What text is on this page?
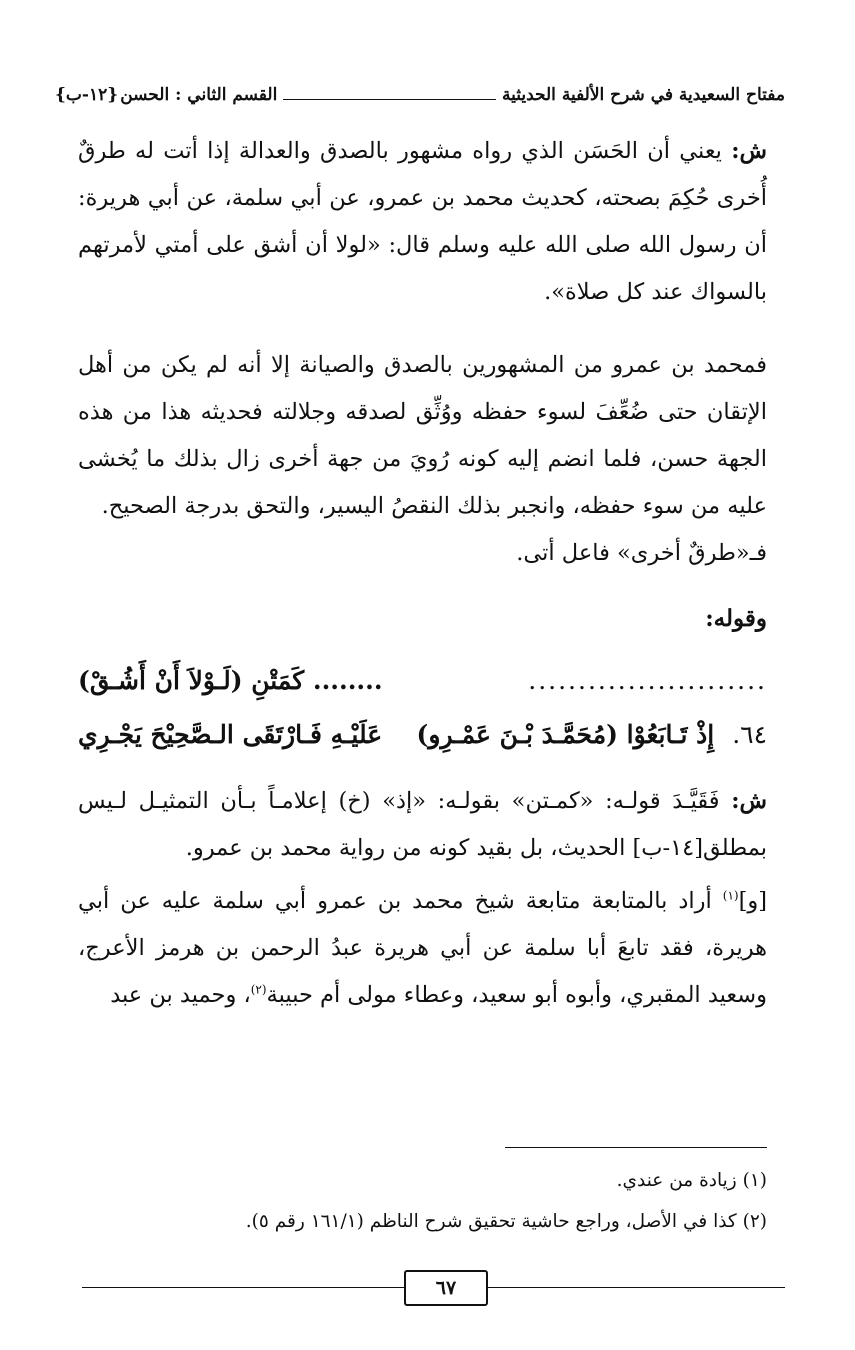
مفتاح السعيدية في شرح الألفية الحديثية
القسم الثاني : الحسن
{١٢-ب}

ش: يعني أن الحَسَن الذي رواه مشهور بالصدق والعدالة إذا أتت له طرقٌ أُخرى حُكِمَ بصحته، كحديث محمد بن عمرو، عن أبي سلمة، عن أبي هريرة: أن رسول الله صلى الله عليه وسلم قال: «لولا أن أشق على أمتي لأمرتهم بالسواك عند كل صلاة».

فمحمد بن عمرو من المشهورين بالصدق والصيانة إلا أنه لم يكن من أهل الإتقان حتى ضُعِّفَ لسوء حفظه ووُثِّق لصدقه وجلالته فحديثه هذا من هذه الجهة حسن، فلما انضم إليه كونه رُويَ من جهة أخرى زال بذلك ما يُخشى عليه من سوء حفظه، وانجبر بذلك النقصُ اليسير، والتحق بدرجة الصحيح.

فـ«طرقٌ أخرى» فاعل أتى.

وقوله:

........................
........ كَمَتْنِ (لَـوْلاَ أَنْ أَشُـقْ)
٦٤.إِذْ تَـابَعُوْا (مُحَمَّـدَ بْـنَ عَمْـرِو)
عَلَيْـهِ فَـارْتَقَى الـصَّحِيْحَ يَجْـرِي

ش: فَقَيَّـدَ قولـه: «كمـتن» بقولـه: «إذ» (خ) إعلامـاً بـأن التمثيـل لـيس بمطلق[١٤-ب] الحديث، بل بقيد كونه من رواية محمد بن عمرو.

[و]$^{(١)}$ أراد بالمتابعة متابعة شيخ محمد بن عمرو أبي سلمة عليه عن أبي هريرة، فقد تابعَ أبا سلمة عن أبي هريرة عبدُ الرحمن بن هرمز الأعرج، وسعيد المقبري، وأبوه أبو سعيد، وعطاء مولى أم حبيبة$^{(٢)}$، وحميد بن عبد

(١) زيادة من عندي.

(٢) كذا في الأصل، وراجع حاشية تحقيق شرح الناظم (١٦١/١ رقم ٥).

٦٧
